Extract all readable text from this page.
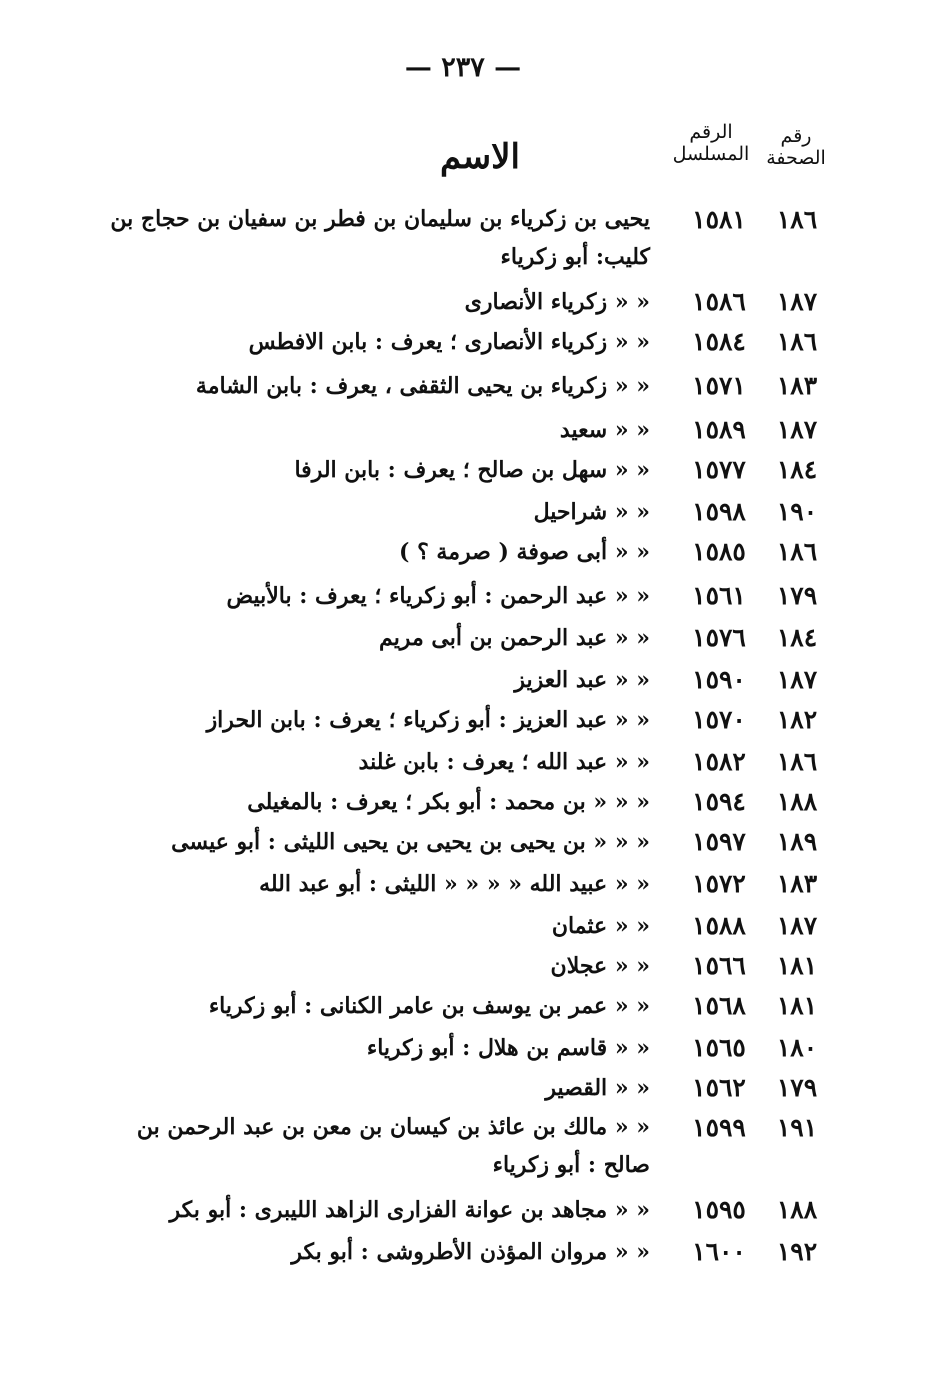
— ٢٣٧ —
رقم
الصحفة
الرقم
المسلسل
الاسم
١٨٦
١٥٨١
يحيى بن زكرياء بن سليمان بن فطر بن سفيان بن حجاج بن كليب: أبو زكرياء
١٨٧
١٥٨٦
« « زكرياء الأنصارى
١٨٦
١٥٨٤
« « زكرياء الأنصارى ؛ يعرف : بابن الافطس
١٨٣
١٥٧١
« « زكرياء بن يحيى الثقفى ، يعرف : بابن الشامة
١٨٧
١٥٨٩
« « سعيد
١٨٤
١٥٧٧
« « سهل بن صالح ؛ يعرف : بابن الرفا
١٩٠
١٥٩٨
« « شراحيل
١٨٦
١٥٨٥
« « أبى صوفة ( صرمة ؟ )
١٧٩
١٥٦١
« « عبد الرحمن : أبو زكرياء ؛ يعرف : بالأبيض
١٨٤
١٥٧٦
« « عبد الرحمن بن أبى مريم
١٨٧
١٥٩٠
« « عبد العزيز
١٨٢
١٥٧٠
« « عبد العزيز : أبو زكرياء ؛ يعرف : بابن الحراز
١٨٦
١٥٨٢
« « عبد الله ؛ يعرف : بابن غلند
١٨٨
١٥٩٤
« « « بن محمد : أبو بكر ؛ يعرف : بالمغيلى
١٨٩
١٥٩٧
« « « بن يحيى بن يحيى بن يحيى الليثى : أبو عيسى
١٨٣
١٥٧٢
« « عبيد الله « « « « الليثى : أبو عبد الله
١٨٧
١٥٨٨
« « عثمان
١٨١
١٥٦٦
« « عجلان
١٨١
١٥٦٨
« « عمر بن يوسف بن عامر الكنانى : أبو زكرياء
١٨٠
١٥٦٥
« « قاسم بن هلال : أبو زكرياء
١٧٩
١٥٦٢
« « القصير
١٩١
١٥٩٩
« « مالك بن عائذ بن كيسان بن معن بن عبد الرحمن بن صالح : أبو زكرياء
١٨٨
١٥٩٥
« « مجاهد بن عوانة الفزارى الزاهد الليبرى : أبو بكر
١٩٢
١٦٠٠
« « مروان المؤذن الأطروشى : أبو بكر
